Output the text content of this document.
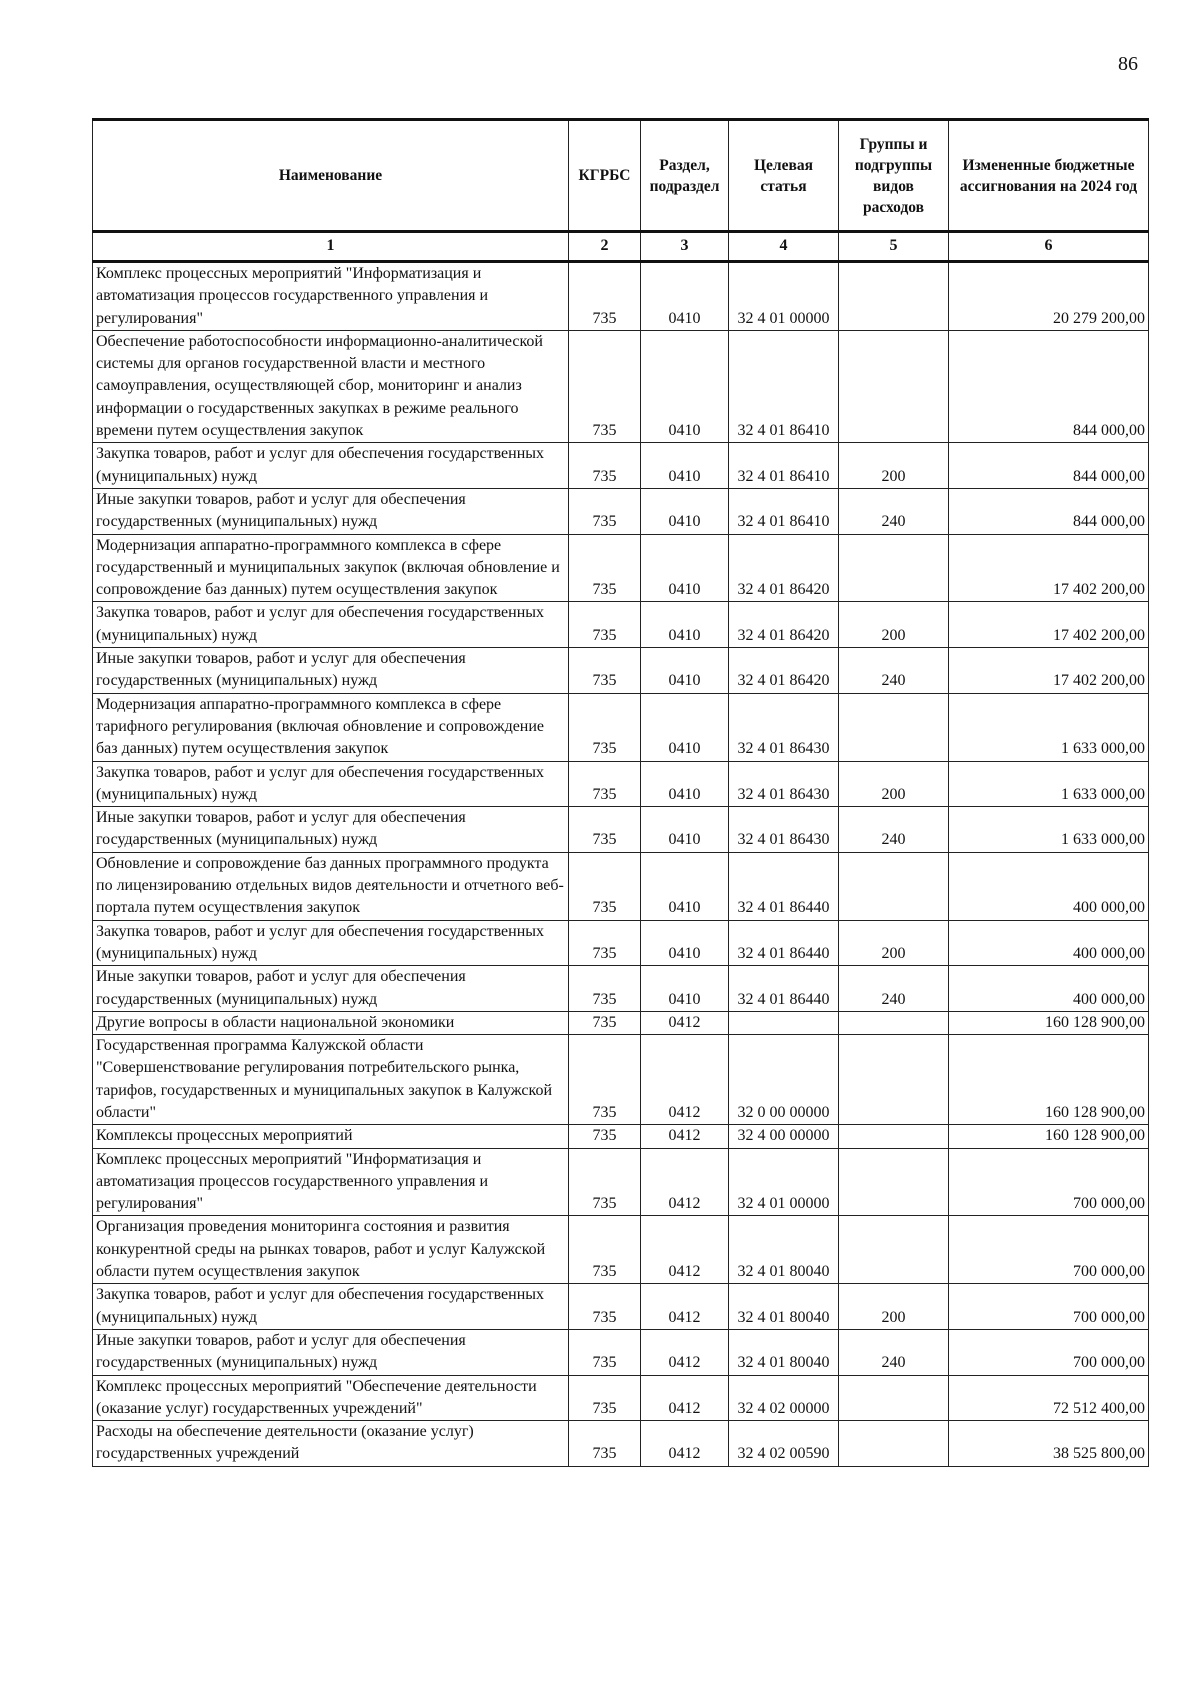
86
Наименование	КГРБС	Раздел, подраздел	Целевая статья	Группы и подгруппы видов расходов	Измененные бюджетные ассигнования на 2024 год
1	2	3	4	5	6
Комплекс процессных мероприятий "Информатизация и автоматизация процессов государственного управления и регулирования"	735	0410	32 4 01 00000		20 279 200,00
Обеспечение работоспособности информационно-аналитической системы для органов государственной власти и местного самоуправления, осуществляющей сбор, мониторинг и анализ информации о государственных закупках в режиме реального времени путем осуществления закупок	735	0410	32 4 01 86410		844 000,00
Закупка товаров, работ и услуг для обеспечения государственных (муниципальных) нужд	735	0410	32 4 01 86410	200	844 000,00
Иные закупки товаров, работ и услуг для обеспечения государственных (муниципальных) нужд	735	0410	32 4 01 86410	240	844 000,00
Модернизация аппаратно-программного комплекса в сфере государственный и муниципальных закупок (включая обновление и сопровождение баз данных) путем осуществления закупок	735	0410	32 4 01 86420		17 402 200,00
Закупка товаров, работ и услуг для обеспечения государственных (муниципальных) нужд	735	0410	32 4 01 86420	200	17 402 200,00
Иные закупки товаров, работ и услуг для обеспечения государственных (муниципальных) нужд	735	0410	32 4 01 86420	240	17 402 200,00
Модернизация аппаратно-программного комплекса в сфере тарифного регулирования (включая обновление и сопровождение баз данных) путем осуществления закупок	735	0410	32 4 01 86430		1 633 000,00
Закупка товаров, работ и услуг для обеспечения государственных (муниципальных) нужд	735	0410	32 4 01 86430	200	1 633 000,00
Иные закупки товаров, работ и услуг для обеспечения государственных (муниципальных) нужд	735	0410	32 4 01 86430	240	1 633 000,00
Обновление и сопровождение баз данных программного продукта по лицензированию отдельных видов деятельности и отчетного веб-портала путем осуществления закупок	735	0410	32 4 01 86440		400 000,00
Закупка товаров, работ и услуг для обеспечения государственных (муниципальных) нужд	735	0410	32 4 01 86440	200	400 000,00
Иные закупки товаров, работ и услуг для обеспечения государственных (муниципальных) нужд	735	0410	32 4 01 86440	240	400 000,00
Другие вопросы в области национальной экономики	735	0412			160 128 900,00
Государственная программа Калужской области "Совершенствование регулирования потребительского рынка, тарифов, государственных и муниципальных закупок в Калужской области"	735	0412	32 0 00 00000		160 128 900,00
Комплексы процессных мероприятий	735	0412	32 4 00 00000		160 128 900,00
Комплекс процессных мероприятий "Информатизация и автоматизация процессов государственного управления и регулирования"	735	0412	32 4 01 00000		700 000,00
Организация проведения мониторинга состояния и развития конкурентной среды на рынках товаров, работ и услуг Калужской области путем осуществления закупок	735	0412	32 4 01 80040		700 000,00
Закупка товаров, работ и услуг для обеспечения государственных (муниципальных) нужд	735	0412	32 4 01 80040	200	700 000,00
Иные закупки товаров, работ и услуг для обеспечения государственных (муниципальных) нужд	735	0412	32 4 01 80040	240	700 000,00
Комплекс процессных мероприятий "Обеспечение деятельности (оказание услуг) государственных учреждений"	735	0412	32 4 02 00000		72 512 400,00
Расходы на обеспечение деятельности (оказание услуг) государственных учреждений	735	0412	32 4 02 00590		38 525 800,00
